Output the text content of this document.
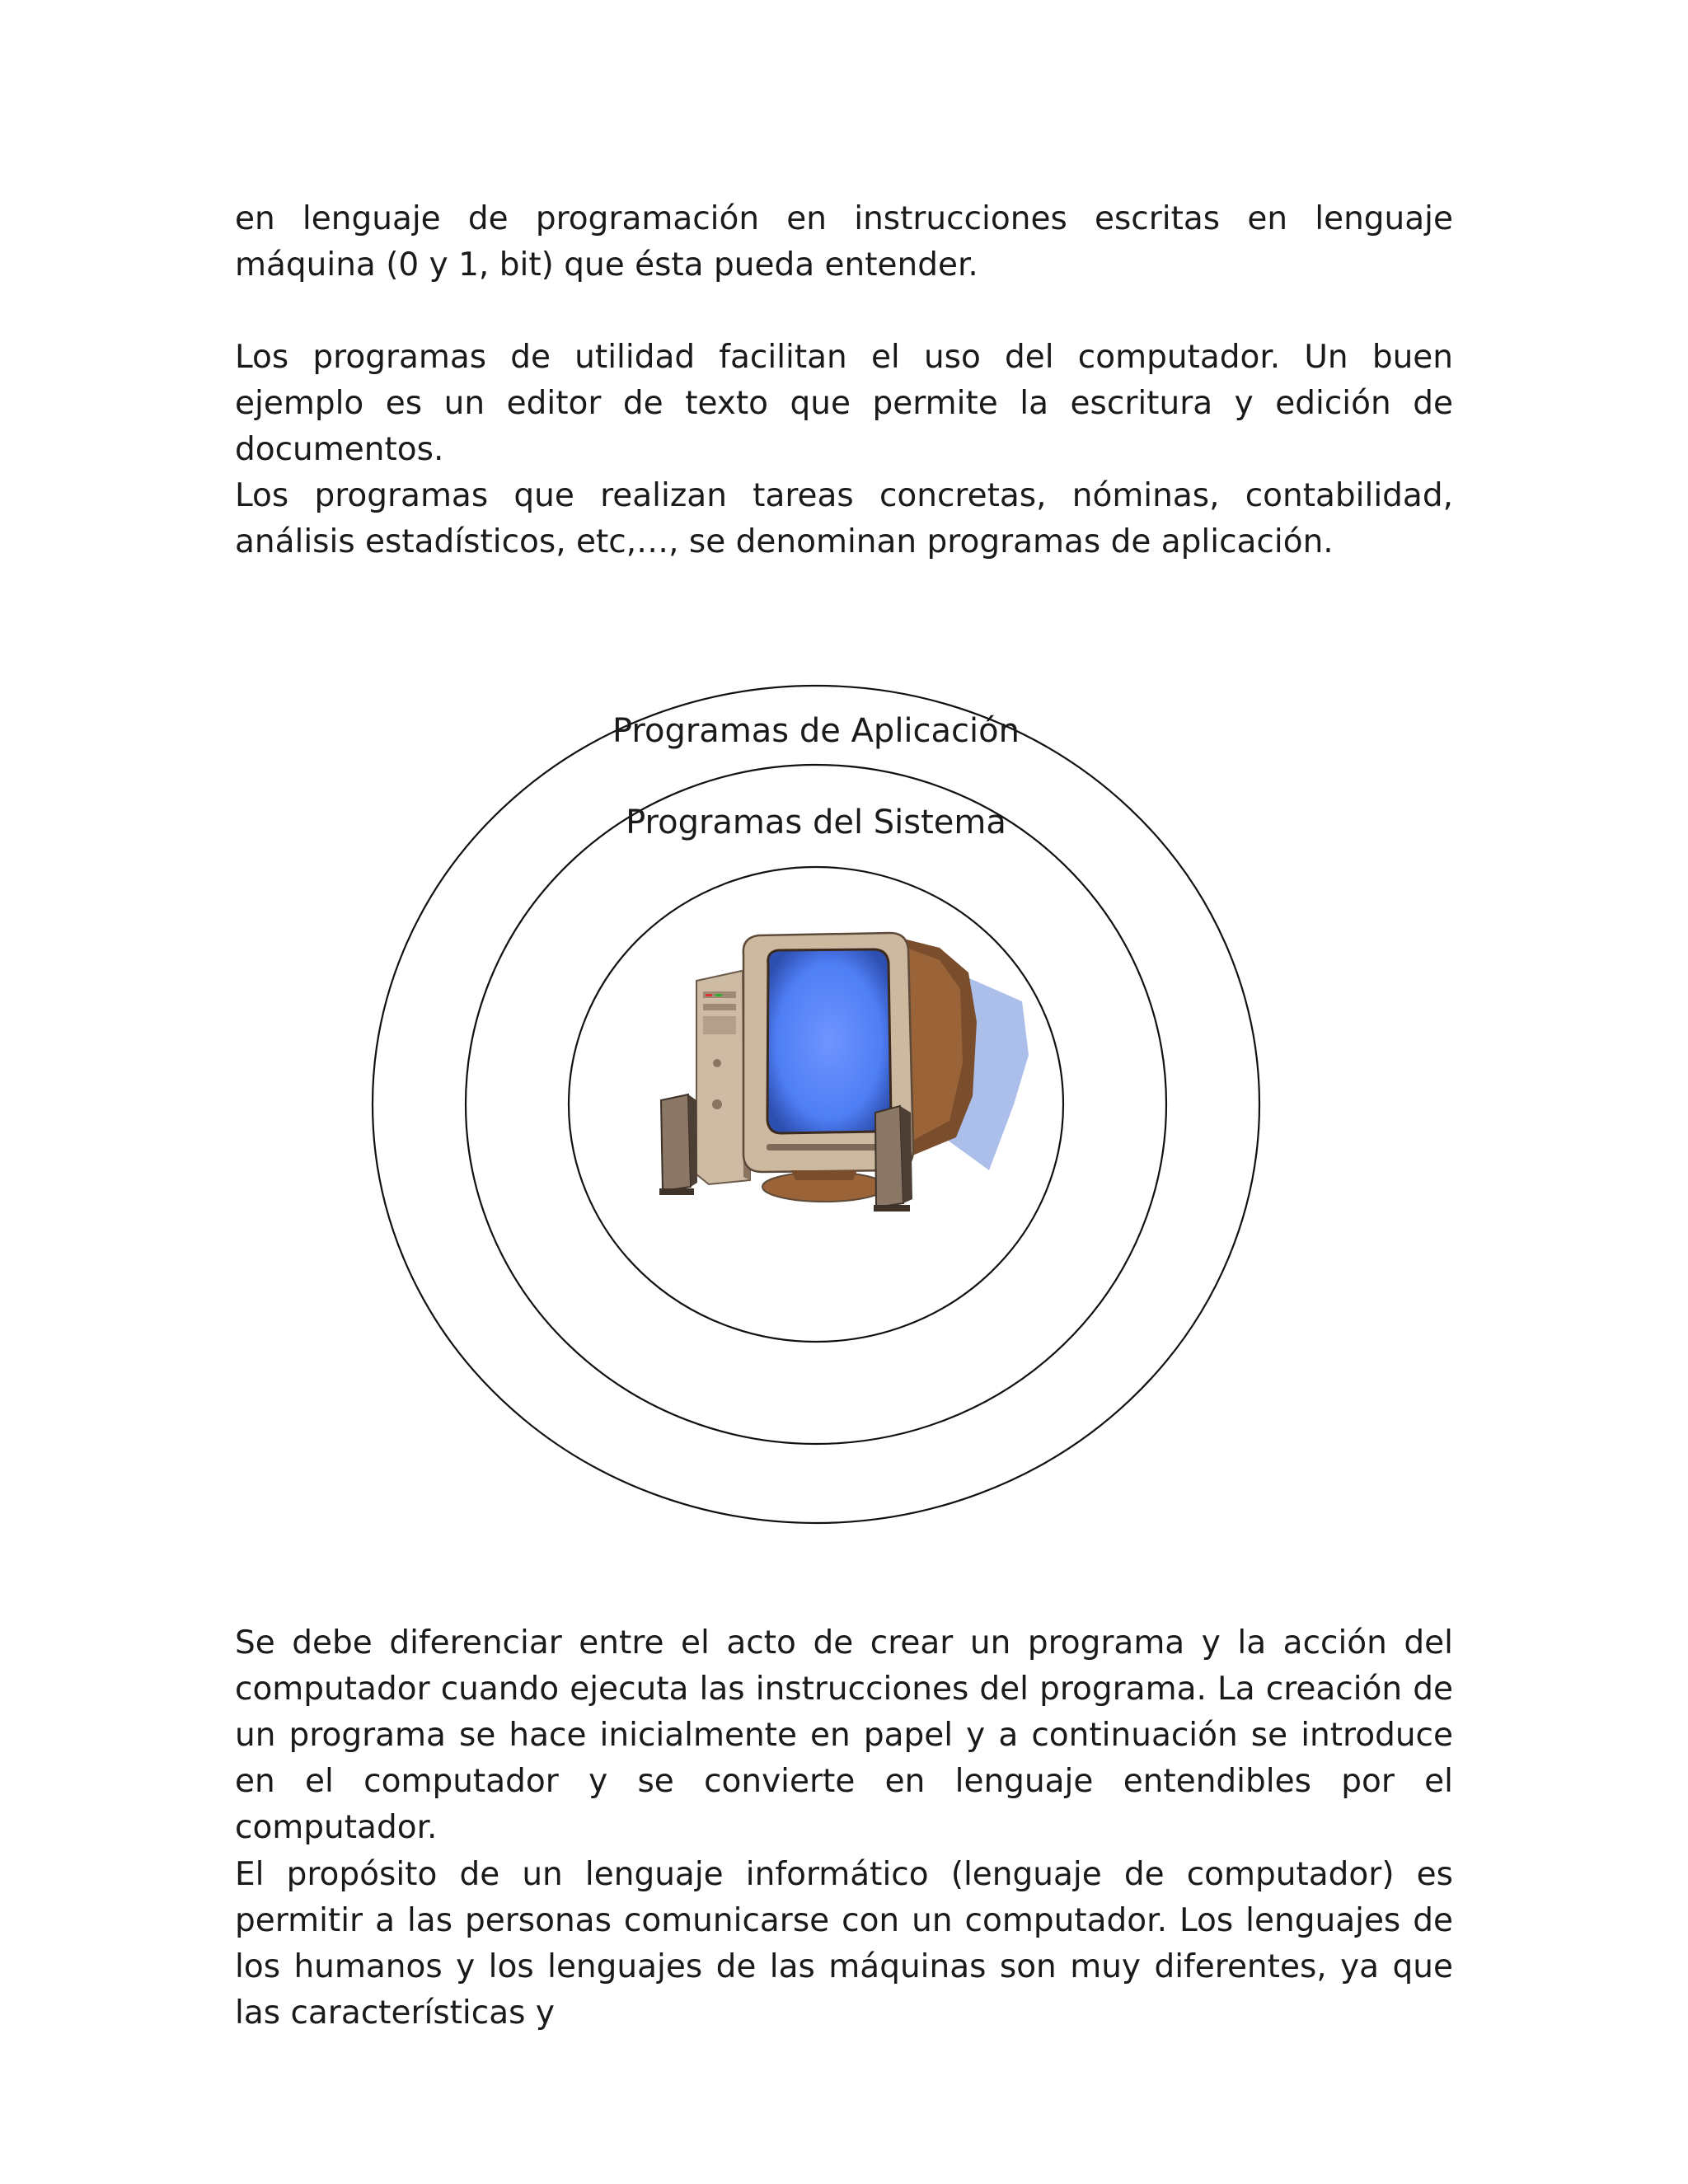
en lenguaje de programación en instrucciones escritas en lenguaje máquina (0 y 1, bit) que ésta pueda entender.

Los programas de utilidad facilitan el uso del computador. Un buen ejemplo es un editor de texto que permite la escritura y edición de documentos.

Los programas que realizan tareas concretas, nóminas, contabilidad, análisis estadísticos, etc,…, se denominan programas de aplicación.

Programas de Aplicación
Programas del Sistema

Se debe diferenciar entre el acto de crear un programa y la acción del computador cuando ejecuta las instrucciones del programa. La creación de un programa se hace inicialmente en papel y a continuación se introduce en el computador y se convierte en lenguaje entendibles por el computador.

El propósito de un lenguaje informático (lenguaje de computador) es permitir a las personas comunicarse con un computador. Los lenguajes de los humanos y los lenguajes de las máquinas son muy diferentes, ya que las características y
